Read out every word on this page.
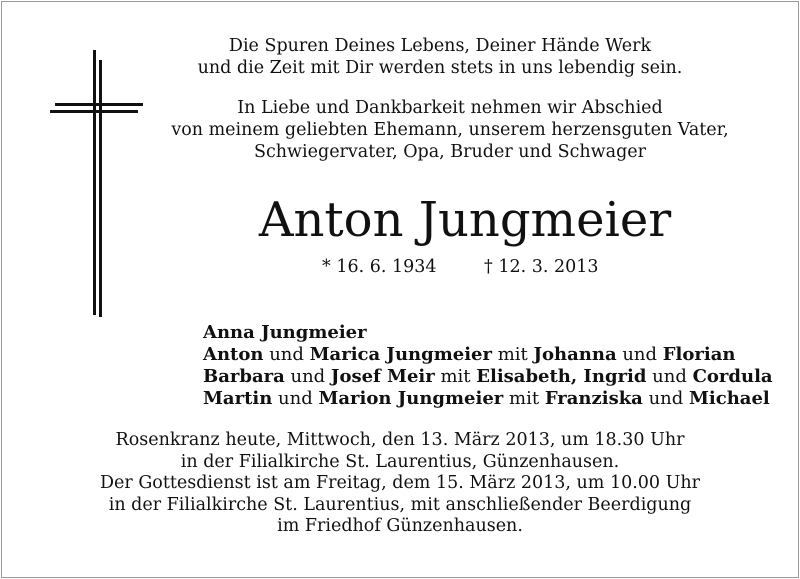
Die Spuren Deines Lebens, Deiner Hände Werk
und die Zeit mit Dir werden stets in uns lebendig sein.
In Liebe und Dankbarkeit nehmen wir Abschied
von meinem geliebten Ehemann, unserem herzensguten Vater,
Schwiegervater, Opa, Bruder und Schwager
Anton Jungmeier
* 16. 6. 1934	† 12. 3. 2013
Anna Jungmeier
Anton und Marica Jungmeier mit Johanna und Florian
Barbara und Josef Meir mit Elisabeth, Ingrid und Cordula
Martin und Marion Jungmeier mit Franziska und Michael
Rosenkranz heute, Mittwoch, den 13. März 2013, um 18.30 Uhr
in der Filialkirche St. Laurentius, Günzenhausen.
Der Gottesdienst ist am Freitag, dem 15. März 2013, um 10.00 Uhr
in der Filialkirche St. Laurentius, mit anschließender Beerdigung
im Friedhof Günzenhausen.
